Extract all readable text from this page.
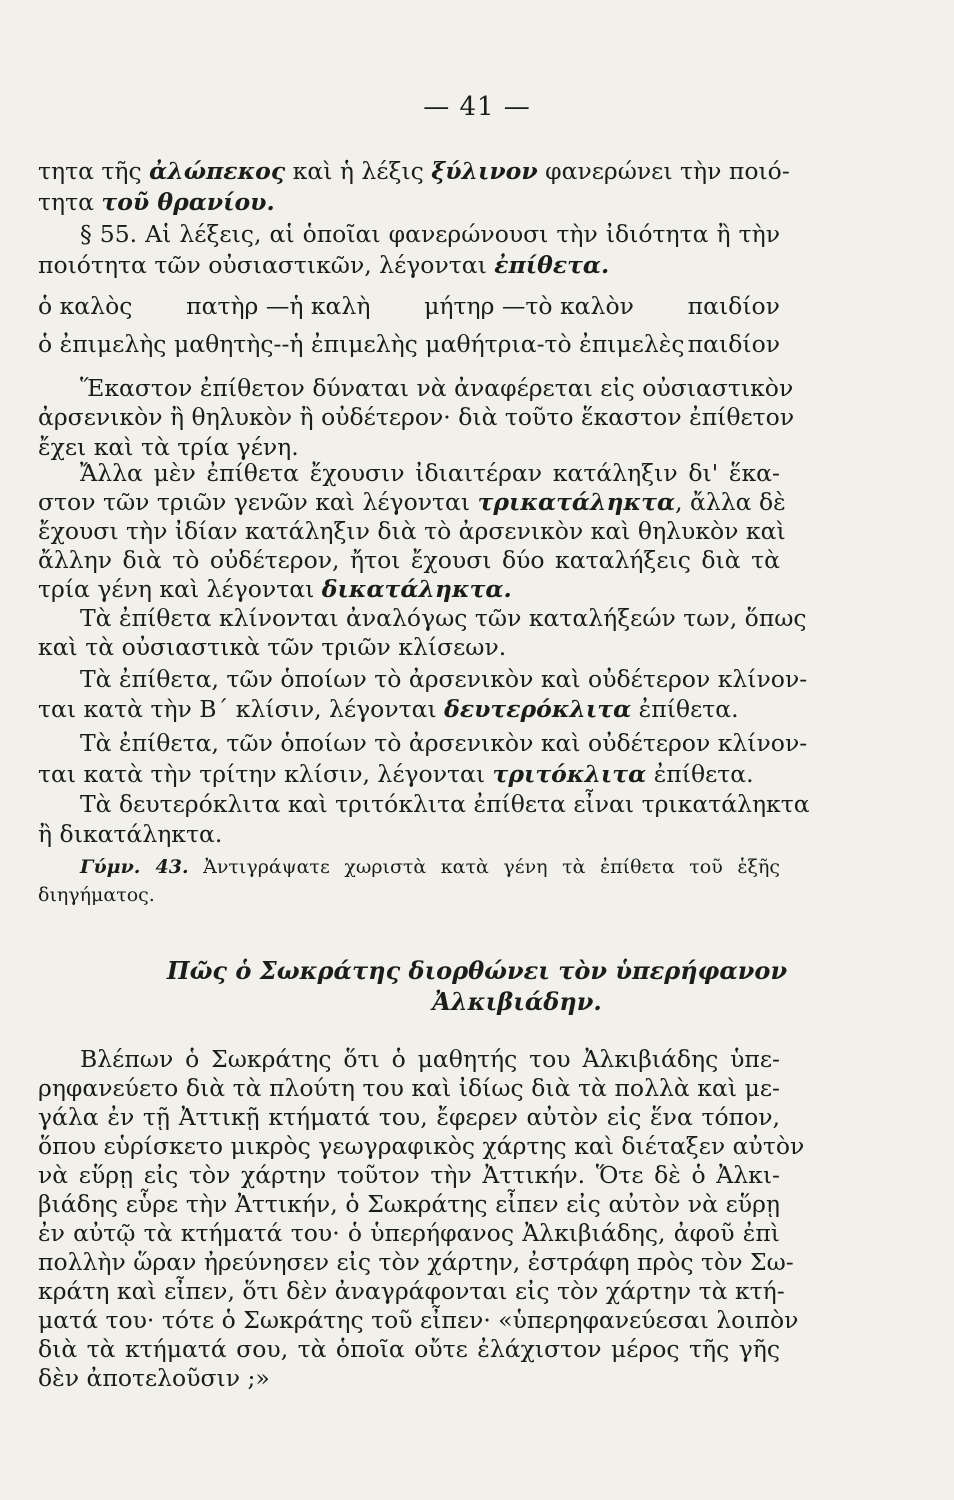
— 41 —
τητα τῆς ἀλώπεκος καὶ ἡ λέξις ξύλινον φανερώνει τὴν ποιό-
τητα τοῦ θρανίου.
§ 55. Αἱ λέξεις, αἱ ὁποῖαι φανερώνουσι τὴν ἰδιότητα ἢ τὴν
ποιότητα τῶν οὐσιαστικῶν, λέγονται ἐπίθετα.
ὁ καλὸς πατὴρ —ἡ καλὴ μήτηρ —τὸ καλὸν παιδίον
ὁ ἐπιμελὴς μαθητὴς--ἡ ἐπιμελὴς μαθήτρια-τὸ ἐπιμελὲς παιδίον
Ἕκαστον ἐπίθετον δύναται νὰ ἀναφέρεται εἰς οὐσιαστικὸν
ἀρσενικὸν ἢ θηλυκὸν ἢ οὐδέτερον· διὰ τοῦτο ἕκαστον ἐπίθετον
ἔχει καὶ τὰ τρία γένη.
Ἄλλα μὲν ἐπίθετα ἔχουσιν ἰδιαιτέραν κατάληξιν δι' ἕκα-
στον τῶν τριῶν γενῶν καὶ λέγονται τρικατάληκτα, ἄλλα δὲ
ἔχουσι τὴν ἰδίαν κατάληξιν διὰ τὸ ἀρσενικὸν καὶ θηλυκὸν καὶ
ἄλλην διὰ τὸ οὐδέτερον, ἤτοι ἔχουσι δύο καταλήξεις διὰ τὰ
τρία γένη καὶ λέγονται δικατάληκτα.
Τὰ ἐπίθετα κλίνονται ἀναλόγως τῶν καταλήξεών των, ὅπως
καὶ τὰ οὐσιαστικὰ τῶν τριῶν κλίσεων.
Τὰ ἐπίθετα, τῶν ὁποίων τὸ ἀρσενικὸν καὶ οὐδέτερον κλίνον-
ται κατὰ τὴν Β΄ κλίσιν, λέγονται δευτερόκλιτα ἐπίθετα.
Τὰ ἐπίθετα, τῶν ὁποίων τὸ ἀρσενικὸν καὶ οὐδέτερον κλίνον-
ται κατὰ τὴν τρίτην κλίσιν, λέγονται τριτόκλιτα ἐπίθετα.
Τὰ δευτερόκλιτα καὶ τριτόκλιτα ἐπίθετα εἶναι τρικατάληκτα
ἢ δικατάληκτα.
Γύμν. 43. Ἀντιγράψατε χωριστὰ κατὰ γένη τὰ ἐπίθετα τοῦ ἑξῆς
διηγήματος.
Πῶς ὁ Σωκράτης διορθώνει τὸν ὑπερήφανον
Ἀλκιβιάδην.
Βλέπων ὁ Σωκράτης ὅτι ὁ μαθητής του Ἀλκιβιάδης ὑπε-
ρηφανεύετο διὰ τὰ πλούτη του καὶ ἰδίως διὰ τὰ πολλὰ καὶ με-
γάλα ἐν τῇ Ἀττικῇ κτήματά του, ἔφερεν αὐτὸν εἰς ἕνα τόπον,
ὅπου εὑρίσκετο μικρὸς γεωγραφικὸς χάρτης καὶ διέταξεν αὐτὸν
νὰ εὕρῃ εἰς τὸν χάρτην τοῦτον τὴν Ἀττικήν. Ὅτε δὲ ὁ Ἀλκι-
βιάδης εὗρε τὴν Ἀττικήν, ὁ Σωκράτης εἶπεν εἰς αὐτὸν νὰ εὕρῃ
ἐν αὐτῷ τὰ κτήματά του· ὁ ὑπερήφανος Ἀλκιβιάδης, ἀφοῦ ἐπὶ
πολλὴν ὥραν ἠρεύνησεν εἰς τὸν χάρτην, ἐστράφη πρὸς τὸν Σω-
κράτη καὶ εἶπεν, ὅτι δὲν ἀναγράφονται εἰς τὸν χάρτην τὰ κτή-
ματά του· τότε ὁ Σωκράτης τοῦ εἶπεν· «ὑπερηφανεύεσαι λοιπὸν
διὰ τὰ κτήματά σου, τὰ ὁποῖα οὔτε ἐλάχιστον μέρος τῆς γῆς
δὲν ἀποτελοῦσιν ;»
